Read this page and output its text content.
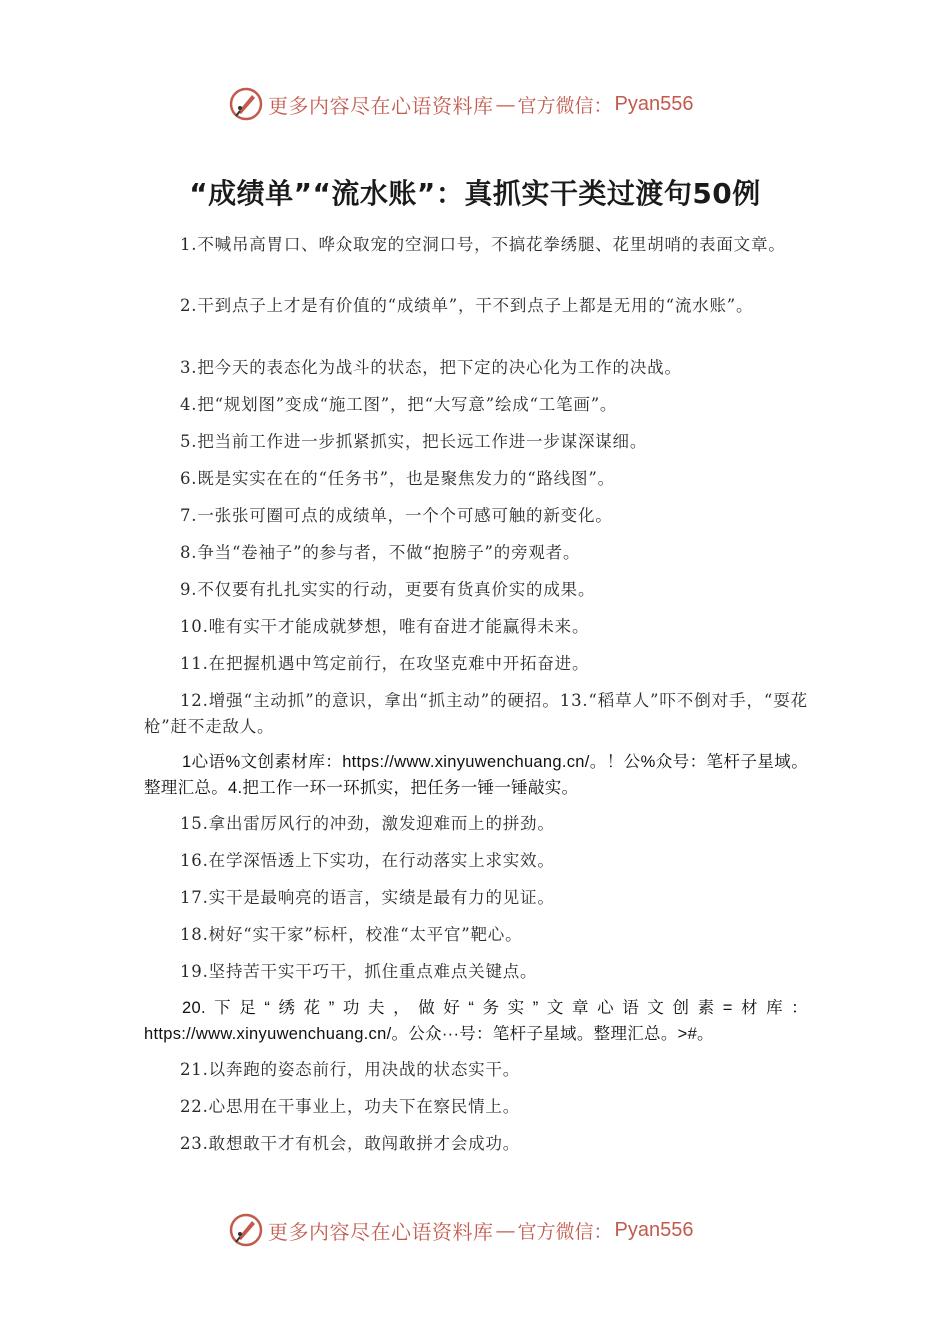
更多内容尽在心语资料库 — 官方微信： Pyan556
“成绩单”“流水账”：真抓实干类过渡句50例

1.不喊吊高胃口、哗众取宠的空洞口号，不搞花拳绣腿、花里胡哨的表面文章。

2.干到点子上才是有价值的“成绩单”，干不到点子上都是无用的“流水账”。

3.把今天的表态化为战斗的状态，把下定的决心化为工作的决战。

4.把“规划图”变成“施工图”，把“大写意”绘成“工笔画”。

5.把当前工作进一步抓紧抓实，把长远工作进一步谋深谋细。

6.既是实实在在的“任务书”，也是聚焦发力的“路线图”。

7.一张张可圈可点的成绩单，一个个可感可触的新变化。

8.争当“卷袖子”的参与者，不做“抱膀子”的旁观者。

9.不仅要有扎扎实实的行动，更要有货真价实的成果。

10.唯有实干才能成就梦想，唯有奋进才能赢得未来。

11.在把握机遇中笃定前行，在攻坚克难中开拓奋进。

12.增强“主动抓”的意识，拿出“抓主动”的硬招。13.“稻草人”吓不倒对手，“耍花枪”赶不走敌人。

1心语%文创素材库：https://www.xinyuwenchuang.cn/。！公%众号：笔杆子星域。整理汇总。4.把工作一环一环抓实，把任务一锤一锤敲实。

15.拿出雷厉风行的冲劲，激发迎难而上的拼劲。

16.在学深悟透上下实功，在行动落实上求实效。

17.实干是最响亮的语言，实绩是最有力的见证。

18.树好“实干家”标杆，校准“太平官”靶心。

19.坚持苦干实干巧干，抓住重点难点关键点。

20.下足“绣花”功夫，做好“务实”文章心语文创素=材库：https://www.xinyuwenchuang.cn/。公众···号：笔杆子星域。整理汇总。>#。

21.以奔跑的姿态前行，用决战的状态实干。

22.心思用在干事业上，功夫下在察民情上。

23.敢想敢干才有机会，敢闯敢拼才会成功。

更多内容尽在心语资料库 — 官方微信： Pyan556
